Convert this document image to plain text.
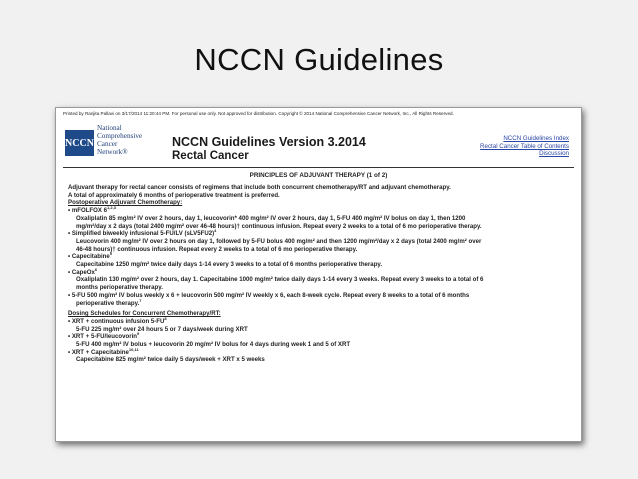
NCCN Guidelines
Printed by Ranjita Pallavi on 3/17/2014 11:20:44 PM. For personal use only. Not approved for distribution. Copyright © 2014 National Comprehensive Cancer Network, Inc., All Rights Reserved.
NCCN
National
Comprehensive
Cancer
Network®
NCCN Guidelines Version 3.2014
Rectal Cancer
NCCN Guidelines Index
Rectal Cancer Table of Contents
Discussion
PRINCIPLES OF ADJUVANT THERAPY (1 of 2)

Adjuvant therapy for rectal cancer consists of regimens that include both concurrent chemotherapy/RT and adjuvant chemotherapy.

A total of approximately 6 months of perioperative treatment is preferred.

Postoperative Adjuvant Chemotherapy:

• mFOLFOX 6$^{1,2,3}$

Oxaliplatin 85 mg/m² IV over 2 hours, day 1, leucovorin* 400 mg/m² IV over 2 hours, day 1, 5-FU 400 mg/m² IV bolus on day 1, then 1200

mg/m²/day x 2 days (total 2400 mg/m² over 46-48 hours)† continuous infusion. Repeat every 2 weeks to a total of 6 mo perioperative therapy.

• Simplified biweekly infusional 5-FU/LV $(sLV5FU2)^4$

Leucovorin 400 mg/m² IV over 2 hours on day 1, followed by 5-FU bolus 400 mg/m² and then 1200 mg/m²/day x 2 days (total 2400 mg/m² over

46-48 hours)† continuous infusion. Repeat every 2 weeks to a total of 6 mo perioperative therapy.

• Capecitabine$^5$

Capecitabine 1250 mg/m² twice daily days 1-14 every 3 weeks to a total of 6 months perioperative therapy.

• CapeOx$^6$

Oxaliplatin 130 mg/m² over 2 hours, day 1. Capecitabine 1000 mg/m² twice daily days 1-14 every 3 weeks. Repeat every 3 weeks to a total of 6

months perioperative therapy.

• 5-FU 500 mg/m² IV bolus weekly x 6 + leucovorin 500 mg/m² IV weekly x 6, each 8-week cycle. Repeat every 8 weeks to a total of 6 months

perioperative therapy.$^7$

Dosing Schedules for Concurrent Chemotherapy/RT:

• XRT + continuous infusion $5-FU^8$

5-FU 225 mg/m² over 24 hours 5 or 7 days/week during XRT

• XRT + 5-FU/leucovorin$^9$

5-FU 400 mg/m² IV bolus + leucovorin 20 mg/m² IV bolus for 4 days during week 1 and 5 of XRT

• XRT + Capecitabine$^{10,11}$

Capecitabine 825 mg/m² twice daily 5 days/week + XRT x 5 weeks
